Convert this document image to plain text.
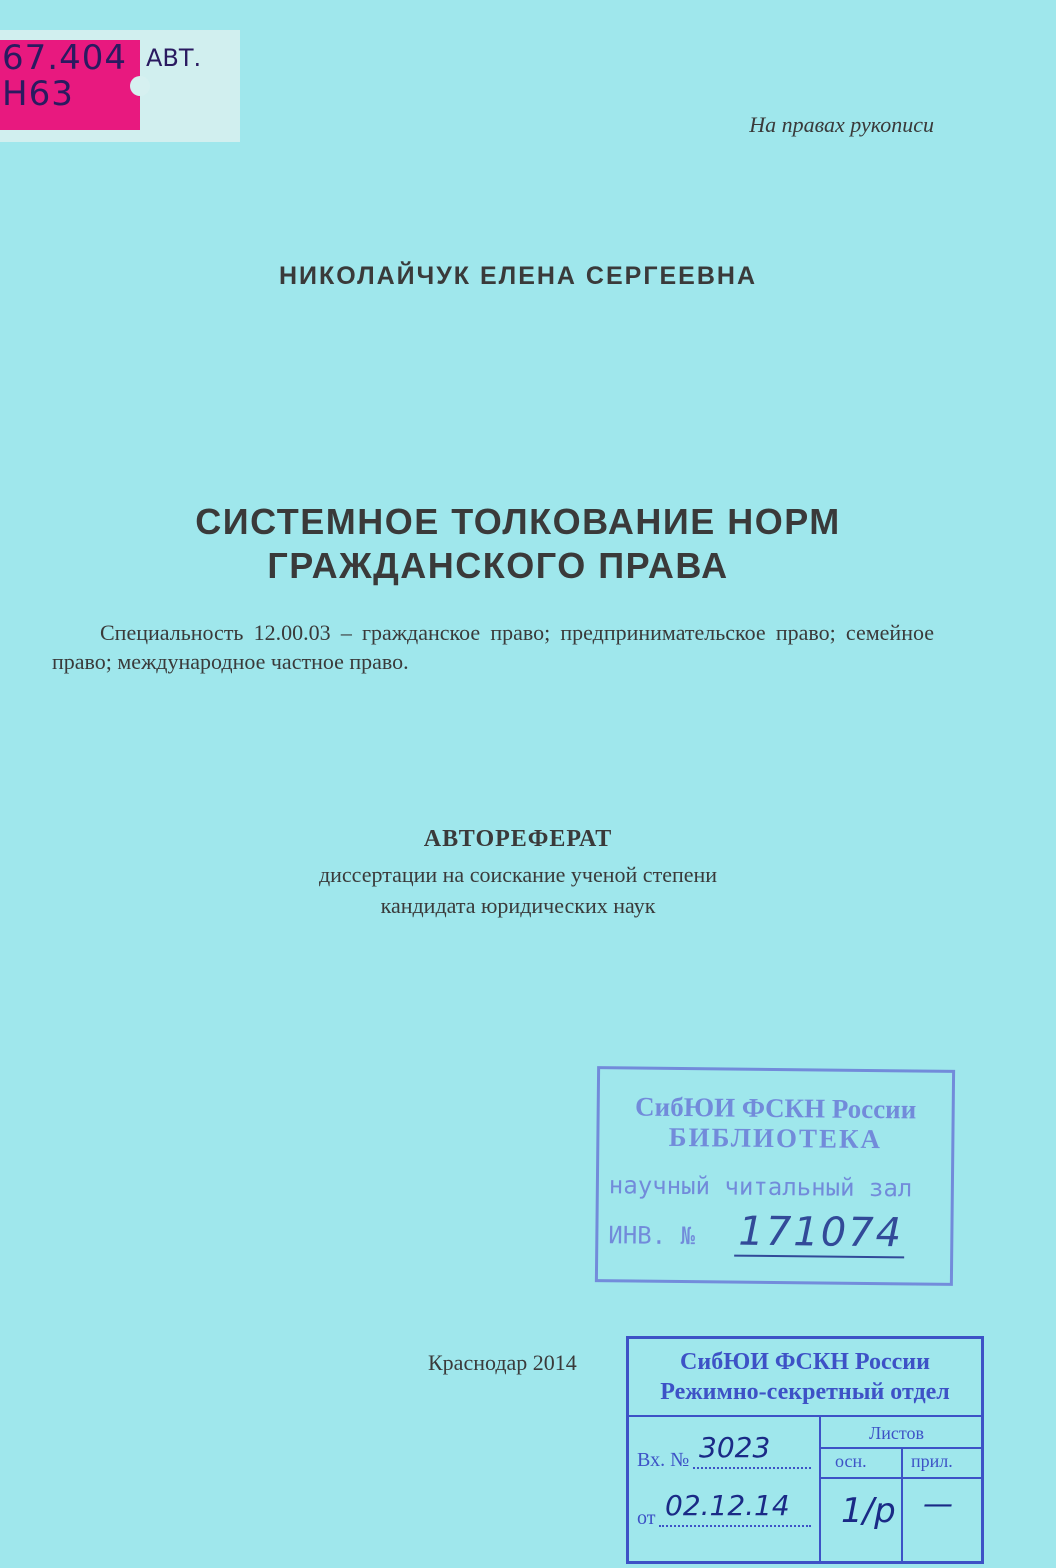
67.404
Н63
АВТ.
На правах рукописи
НИКОЛАЙЧУК ЕЛЕНА СЕРГЕЕВНА
СИСТЕМНОЕ ТОЛКОВАНИЕ НОРМ
ГРАЖДАНСКОГО ПРАВА
Специальность 12.00.03 – гражданское право; предпринимательское право; семейное право; международное частное право.
АВТОРЕФЕРАТ
диссертации на соискание ученой степени
кандидата юридических наук
СибЮИ ФСКН России
БИБЛИОТЕКА
научный читальный зал
ИНВ. № 171074
Краснодар 2014	СибЮИ ФСКН России
Режимно-секретный отдел
Листов
осн. прил.
Вх. №
от
3023
02.12.14 1/р —
